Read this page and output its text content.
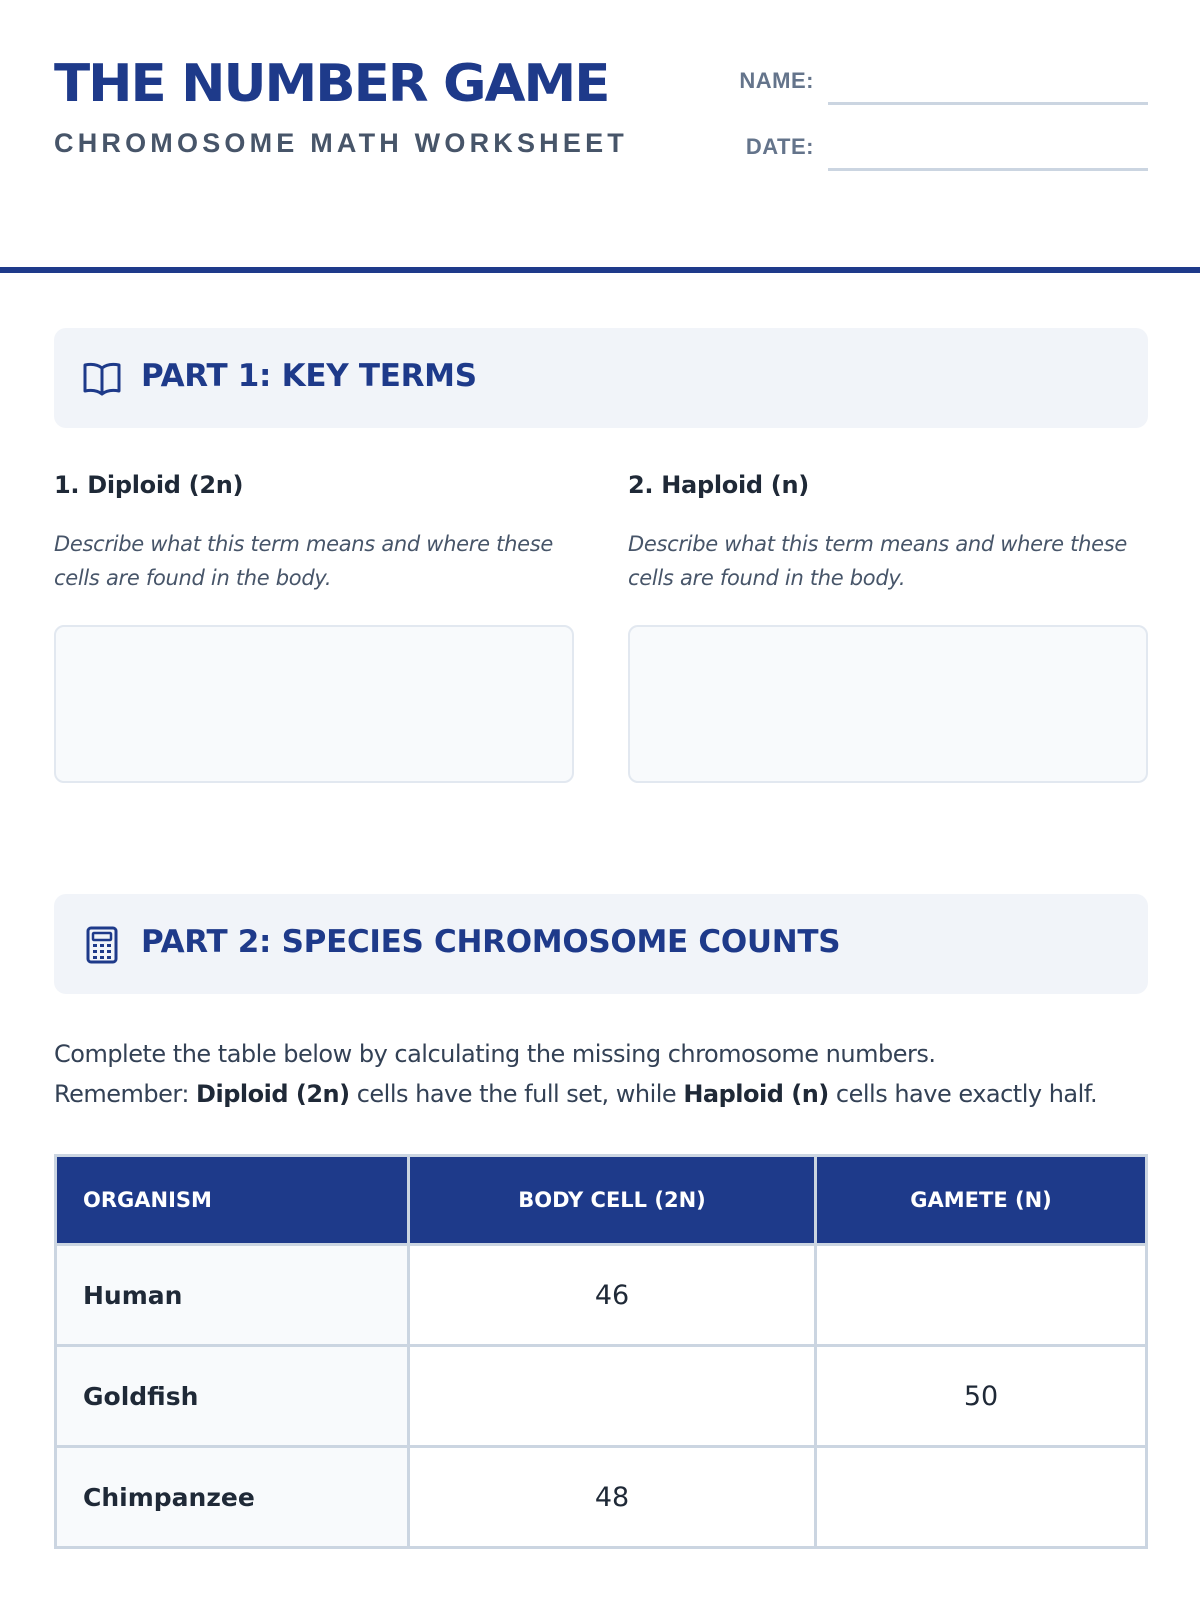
THE NUMBER GAME
CHROMOSOME MATH WORKSHEET
NAME:
DATE:
PART 1: KEY TERMS
1. Diploid (2n)
Describe what this term means and where these cells are found in the body.
2. Haploid (n)
Describe what this term means and where these cells are found in the body.
PART 2: SPECIES CHROMOSOME COUNTS
Complete the table below by calculating the missing chromosome numbers.
Remember: Diploid (2n) cells have the full set, while Haploid (n) cells have exactly half.
ORGANISM	BODY CELL (2N)	GAMETE (N)
Human	46	
Goldfish		50
Chimpanzee	48	
